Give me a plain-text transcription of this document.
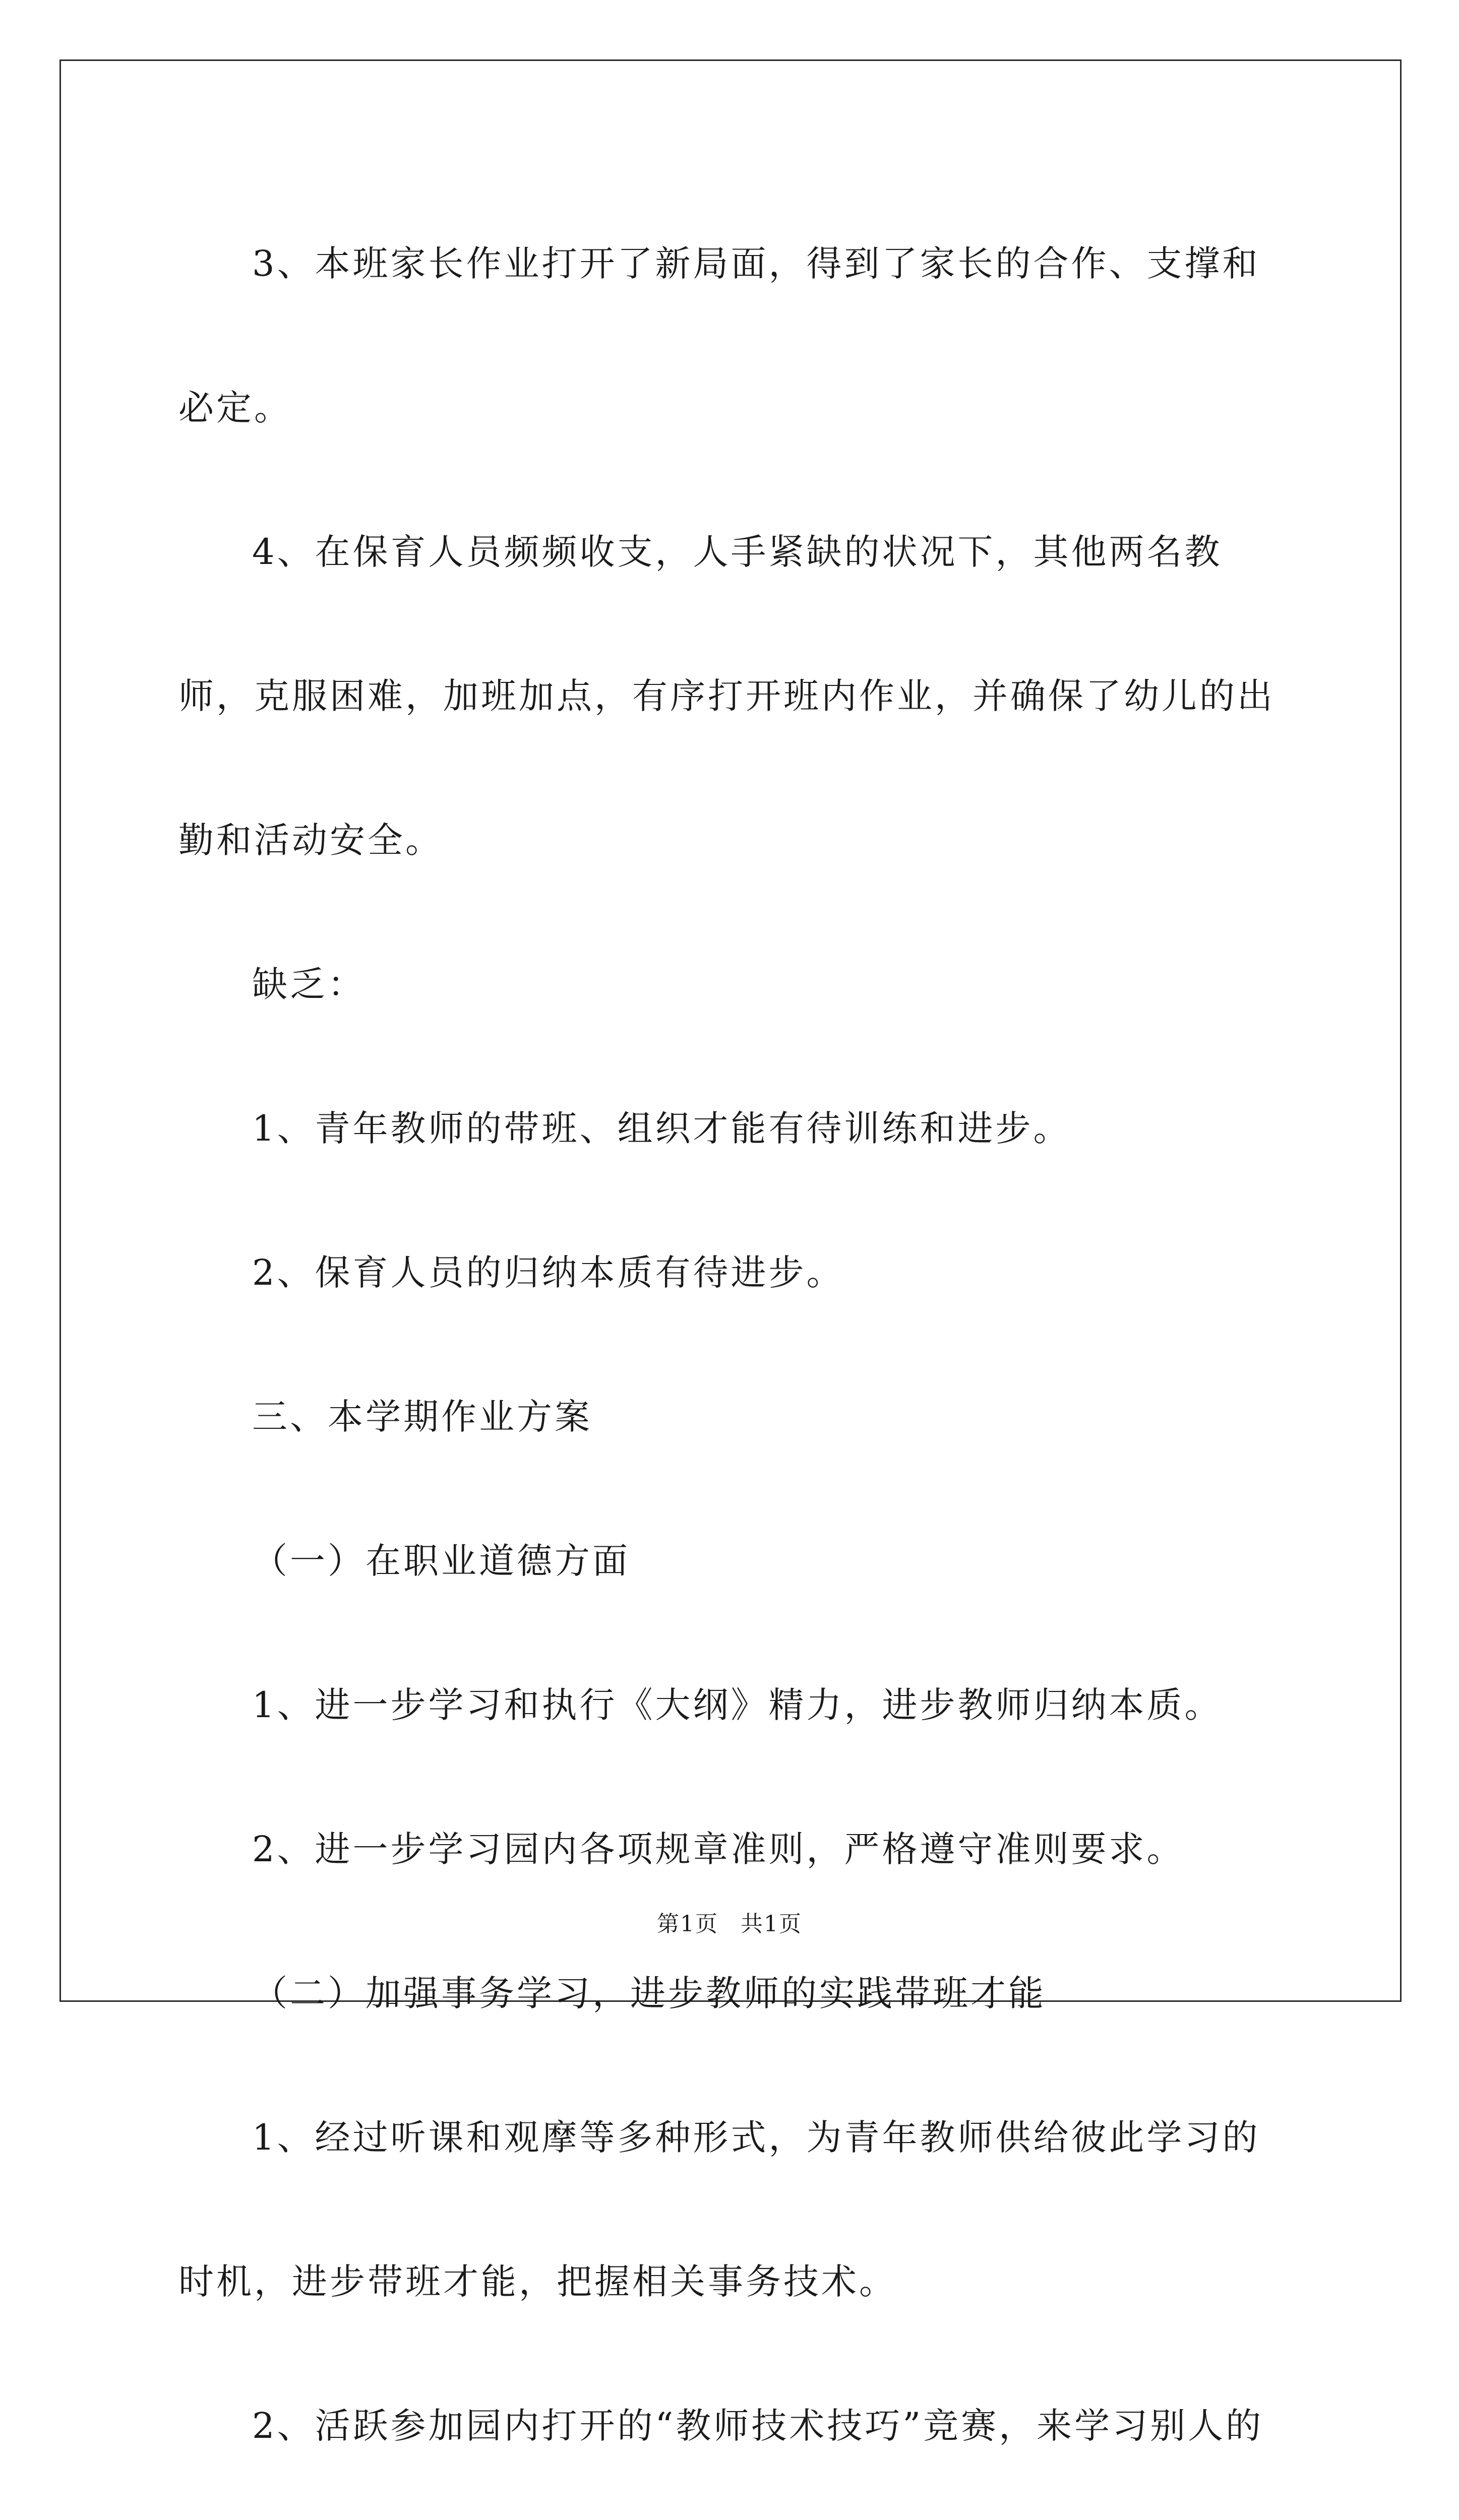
3、本班家长作业打开了新局面，得到了家长的合作、支撑和必定。

4、在保育人员频频收支，人手紧缺的状况下，其他两名教师，克服困难，加班加点，有序打开班内作业，并确保了幼儿的出勤和活动安全。

缺乏：

1、青年教师的带班、组织才能有待训练和进步。

2、保育人员的归纳本质有待进步。

三、本学期作业方案

（一）在职业道德方面

1、进一步学习和执行《大纲》精力，进步教师归纳本质。

2、进一步学习园内各项规章准则，严格遵守准则要求。

（二）加强事务学习，进步教师的实践带班才能

1、经过听课和观摩等多种形式，为青年教师供给彼此学习的时机，进步带班才能，把握相关事务技术。

2、活跃参加园内打开的“教师技术技巧”竞赛，来学习别人的

第1页 共1页
